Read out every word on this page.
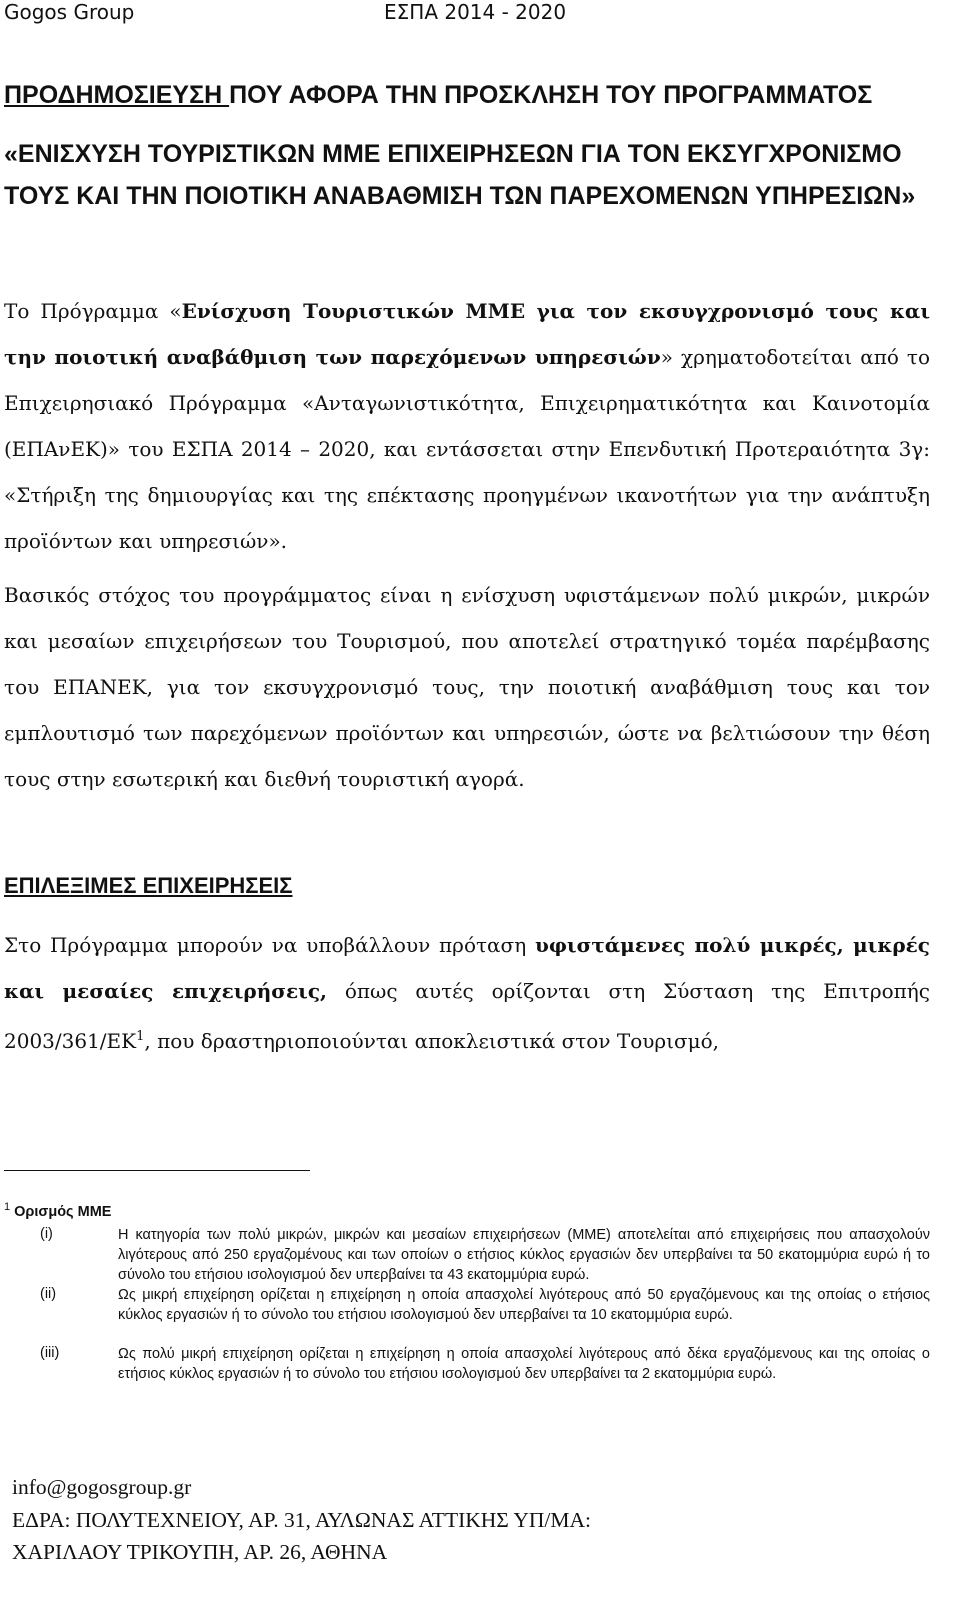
Gogos Group	ΕΣΠΑ 2014 - 2020
ΠΡΟΔΗΜΟΣΙΕΥΣΗ ΠΟΥ ΑΦΟΡΑ ΤΗΝ ΠΡΟΣΚΛΗΣΗ ΤΟΥ ΠΡΟΓΡΑΜΜΑΤΟΣ
«ΕΝΙΣΧΥΣΗ ΤΟΥΡΙΣΤΙΚΩΝ ΜΜΕ ΕΠΙΧΕΙΡΗΣΕΩΝ ΓΙΑ ΤΟΝ ΕΚΣΥΓΧΡΟΝΙΣΜΟ
ΤΟΥΣ ΚΑΙ ΤΗΝ ΠΟΙΟΤΙΚΗ ΑΝΑΒΑΘΜΙΣΗ ΤΩΝ ΠΑΡΕΧΟΜΕΝΩΝ ΥΠΗΡΕΣΙΩΝ»
Το Πρόγραμμα «Ενίσχυση Τουριστικών ΜΜΕ για τον εκσυγχρονισμό τους και την ποιοτική αναβάθμιση των παρεχόμενων υπηρεσιών» χρηματοδοτείται από το Επιχειρησιακό Πρόγραμμα «Ανταγωνιστικότητα, Επιχειρηματικότητα και Καινοτομία (ΕΠΑνΕΚ)» του ΕΣΠΑ 2014 – 2020, και εντάσσεται στην Επενδυτική Προτεραιότητα 3γ: «Στήριξη της δημιουργίας και της επέκτασης προηγμένων ικανοτήτων για την ανάπτυξη προϊόντων και υπηρεσιών».
Βασικός στόχος του προγράμματος είναι η ενίσχυση υφιστάμενων πολύ μικρών, μικρών και μεσαίων επιχειρήσεων του Τουρισμού, που αποτελεί στρατηγικό τομέα παρέμβασης του ΕΠΑΝΕΚ, για τον εκσυγχρονισμό τους, την ποιοτική αναβάθμιση τους και τον εμπλουτισμό των παρεχόμενων προϊόντων και υπηρεσιών, ώστε να βελτιώσουν την θέση τους στην εσωτερική και διεθνή τουριστική αγορά.
ΕΠΙΛΕΞΙΜΕΣ ΕΠΙΧΕΙΡΗΣΕΙΣ
Στο Πρόγραμμα μπορούν να υποβάλλουν πρόταση υφιστάμενες πολύ μικρές, μικρές και μεσαίες επιχειρήσεις, όπως αυτές ορίζονται στη Σύσταση της Επιτροπής 2003/361/ΕΚ$^1$, που δραστηριοποιούνται αποκλειστικά στον Τουρισμό,
$^1$ Ορισμός ΜΜΕ
(i)	Η κατηγορία των πολύ μικρών, μικρών και μεσαίων επιχειρήσεων (ΜΜΕ) αποτελείται από επιχειρήσεις που απασχολούν λιγότερους από 250 εργαζομένους και των οποίων ο ετήσιος κύκλος εργασιών δεν υπερβαίνει τα 50 εκατομμύρια ευρώ ή το σύνολο του ετήσιου ισολογισμού δεν υπερβαίνει τα 43 εκατομμύρια ευρώ.
(ii)	Ως μικρή επιχείρηση ορίζεται η επιχείρηση η οποία απασχολεί λιγότερους από 50 εργαζόμενους και της οποίας ο ετήσιος κύκλος εργασιών ή το σύνολο του ετήσιου ισολογισμού δεν υπερβαίνει τα 10 εκατομμύρια ευρώ.
(iii)	Ως πολύ μικρή επιχείρηση ορίζεται η επιχείρηση η οποία απασχολεί λιγότερους από δέκα εργαζόμενους και της οποίας ο ετήσιος κύκλος εργασιών ή το σύνολο του ετήσιου ισολογισμού δεν υπερβαίνει τα 2 εκατομμύρια ευρώ.
info@gogosgroup.gr
ΕΔΡΑ: ΠΟΛΥΤΕΧΝΕΙΟΥ, ΑΡ. 31, ΑΥΛΩΝΑΣ ΑΤΤΙΚΗΣ ΥΠ/ΜΑ:
ΧΑΡΙΛΑΟΥ ΤΡΙΚΟΥΠΗ, ΑΡ. 26, ΑΘΗΝΑ
